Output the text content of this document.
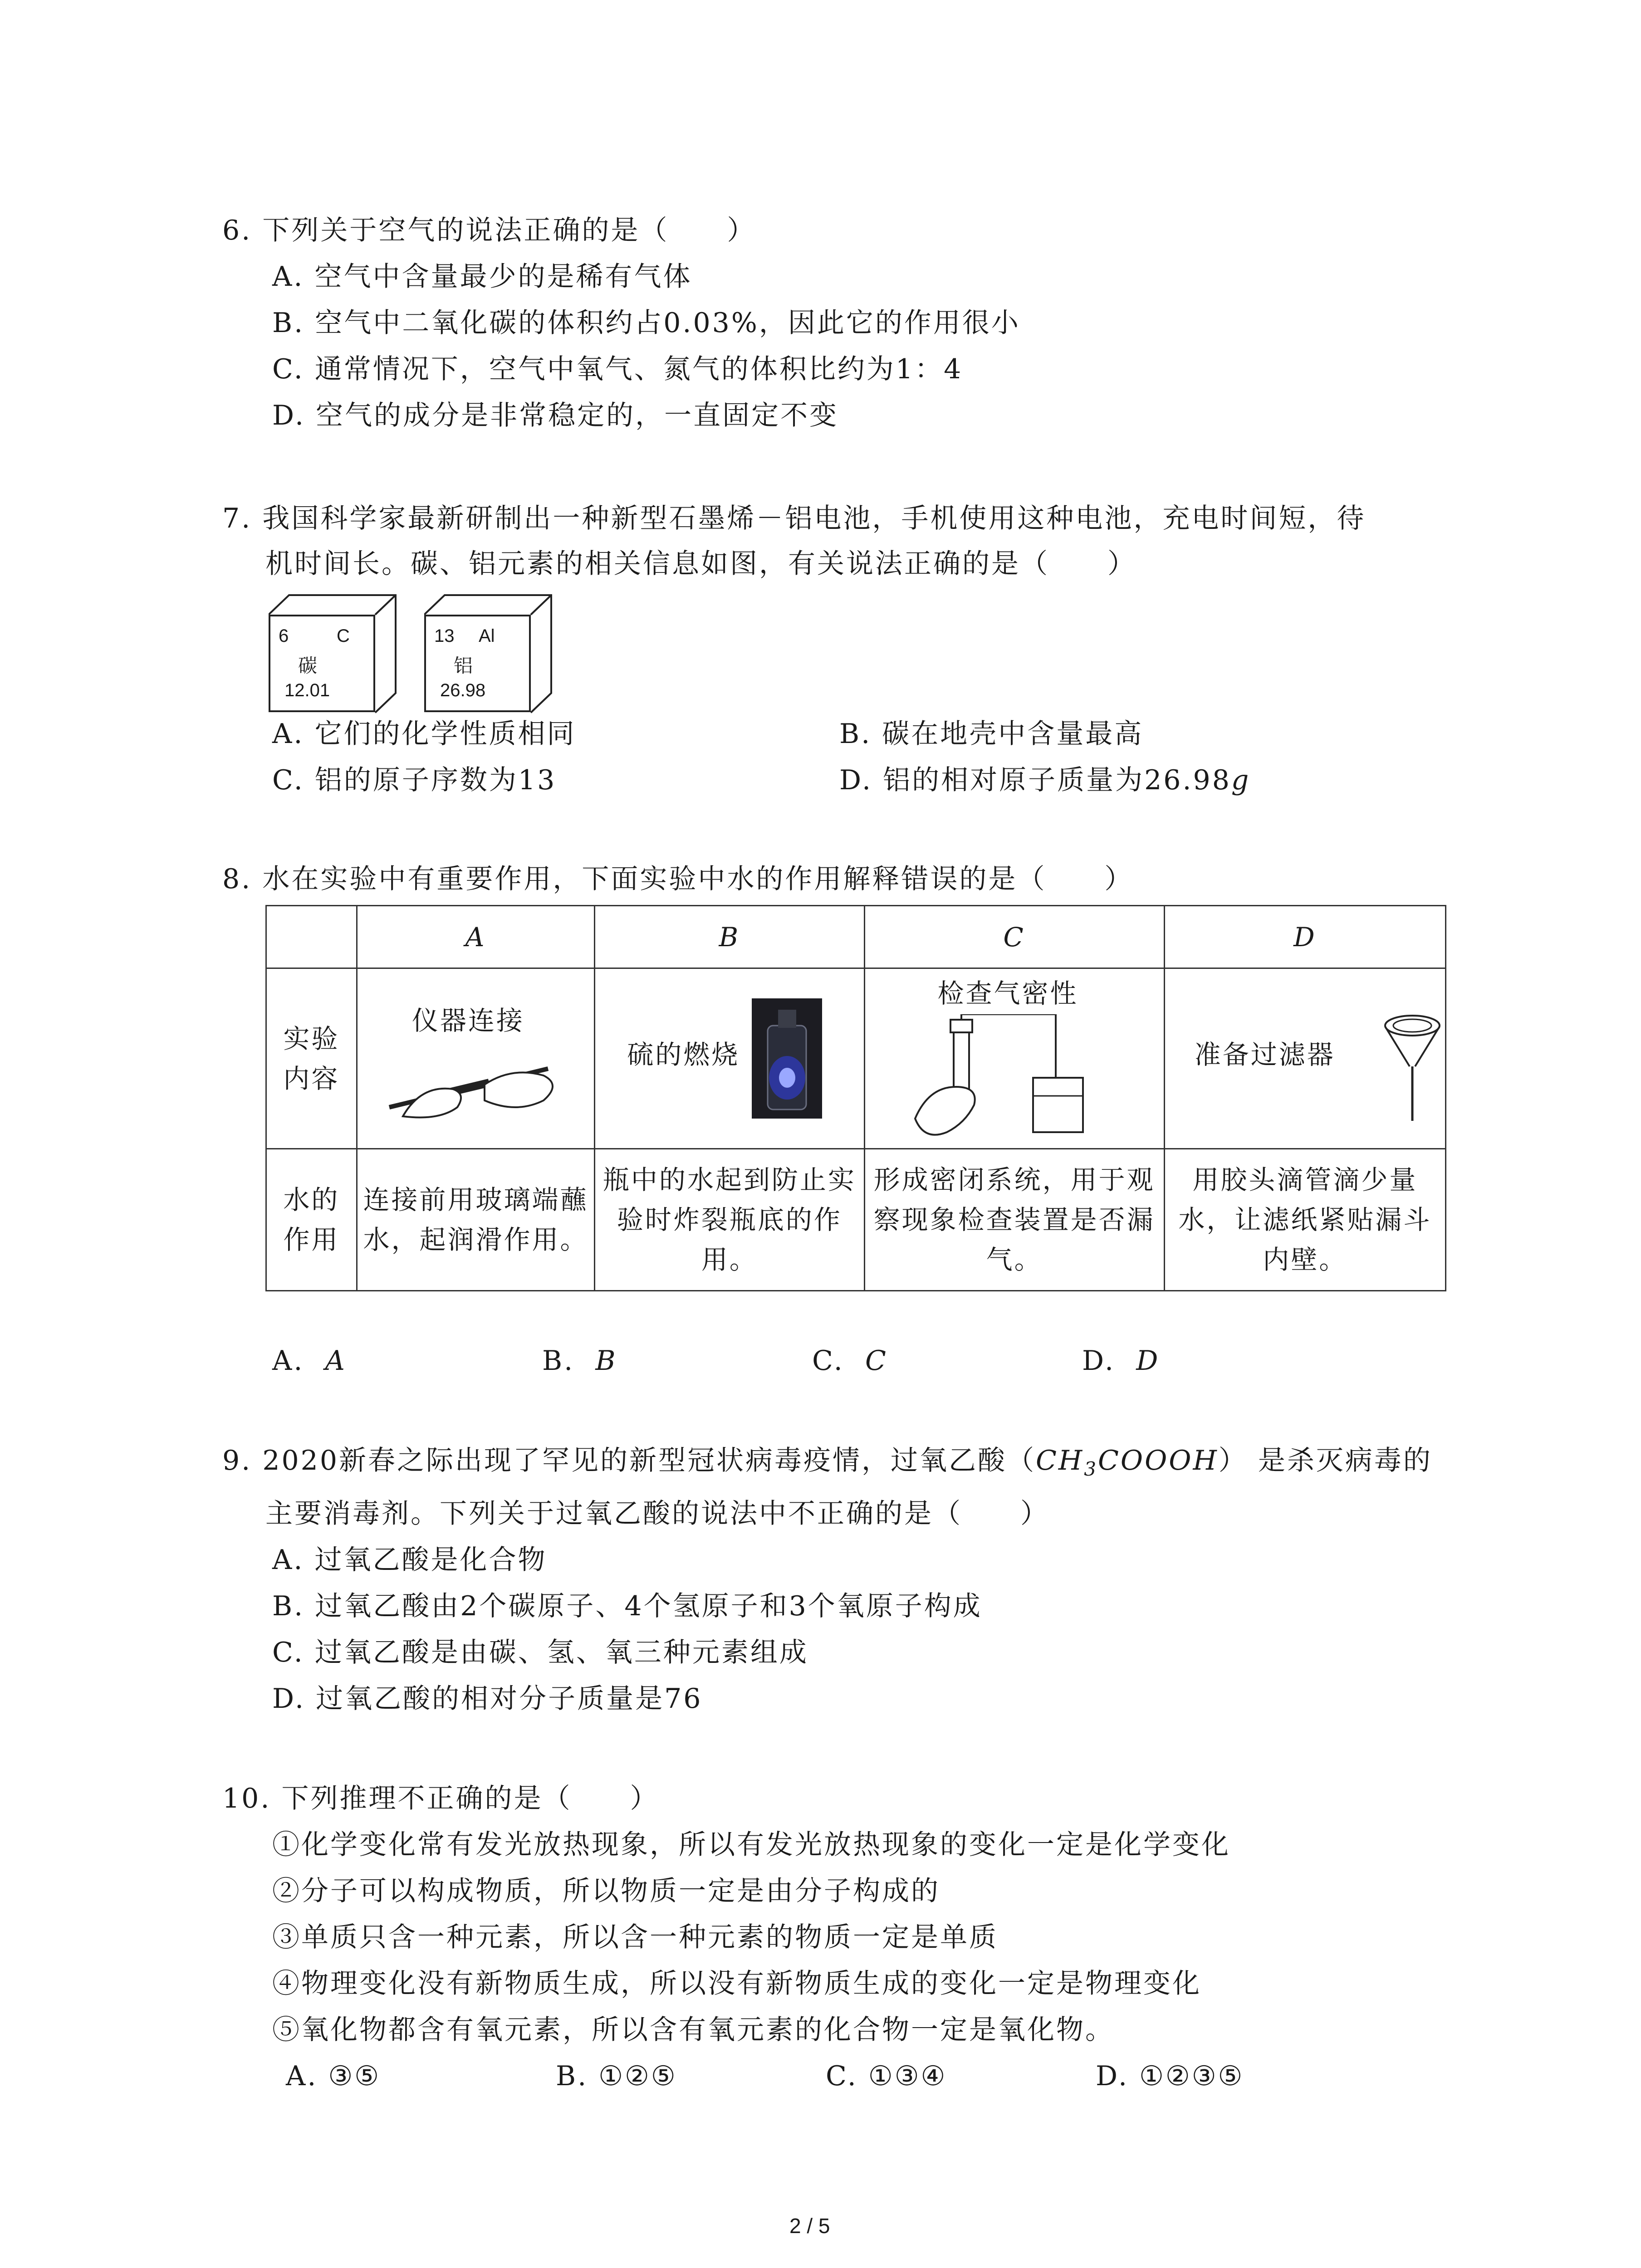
6. 下列关于空气的说法正确的是（　　）
A. 空气中含量最少的是稀有气体
B. 空气中二氧化碳的体积约占0.03%，因此它的作用很小
C. 通常情况下，空气中氧气、氮气的体积比约为1：4
D. 空气的成分是非常稳定的，一直固定不变
7. 我国科学家最新研制出一种新型石墨烯－铝电池，手机使用这种电池，充电时间短，待
机时间长。碳、铝元素的相关信息如图，有关说法正确的是（　　）
6	C
碳
12.01
13 Al
铝
26.98
A. 它们的化学性质相同	B. 碳在地壳中含量最高
C. 铝的原子序数为13	D. 铝的相对原子质量为26.98g
8. 水在实验中有重要作用，下面实验中水的作用解释错误的是（　　）
	A	B	C	D
实验内容	仪器连接	硫的燃烧	检查气密性	准备过滤器

水的作用	连接前用玻璃端蘸水，起润滑作用。	瓶中的水起到防止实验时炸裂瓶底的作用。	形成密闭系统，用于观察现象检查装置是否漏气。	用胶头滴管滴少量水，让滤纸紧贴漏斗内壁。
A. A	B. B	C. C	D. D
9. 2020新春之际出现了罕见的新型冠状病毒疫情，过氧乙酸$(CH_3COOOH)$ 是杀灭病毒的
主要消毒剂。下列关于过氧乙酸的说法中不正确的是（　　）
A. 过氧乙酸是化合物
B. 过氧乙酸由2个碳原子、4个氢原子和3个氧原子构成
C. 过氧乙酸是由碳、氢、氧三种元素组成
D. 过氧乙酸的相对分子质量是76
10. 下列推理不正确的是（　　）
①化学变化常有发光放热现象，所以有发光放热现象的变化一定是化学变化
②分子可以构成物质，所以物质一定是由分子构成的
③单质只含一种元素，所以含一种元素的物质一定是单质
④物理变化没有新物质生成，所以没有新物质生成的变化一定是物理变化
⑤氧化物都含有氧元素，所以含有氧元素的化合物一定是氧化物。
A. ③⑤	B. ①②⑤	C. ①③④	D. ①②③⑤
2 / 5
